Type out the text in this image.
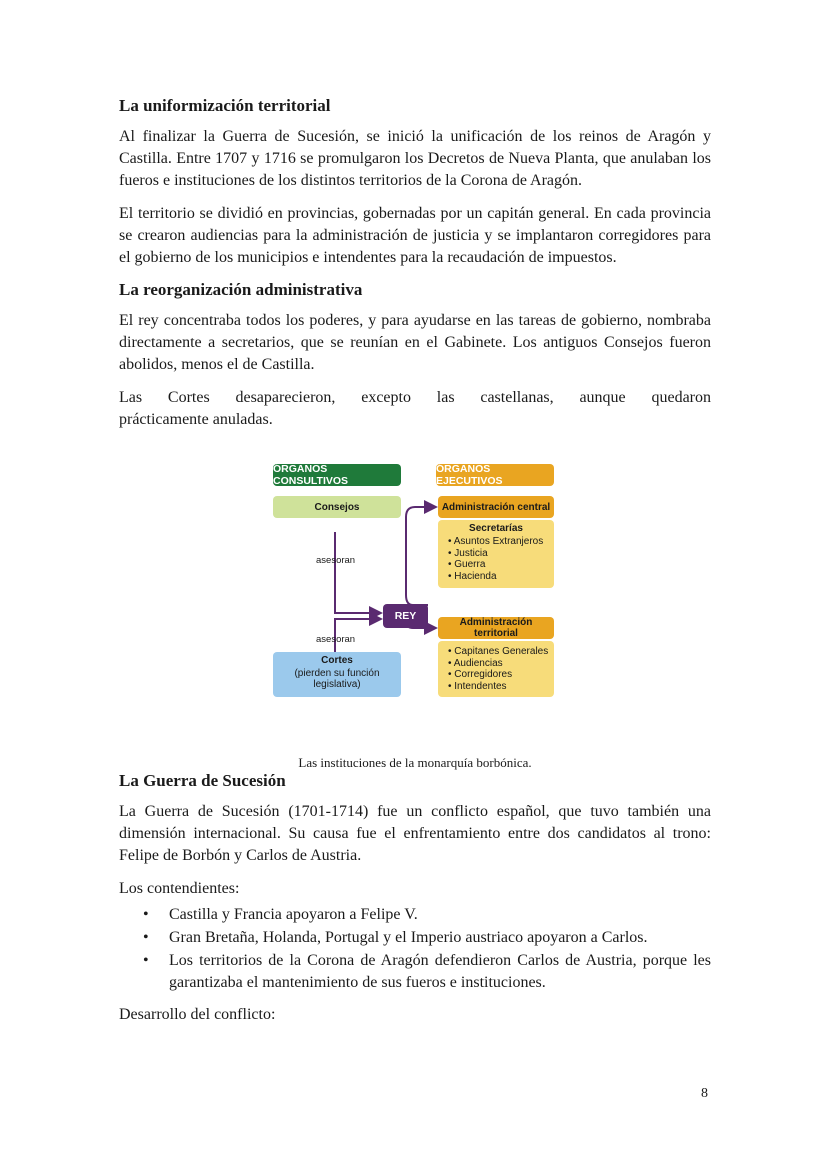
La uniformización territorial

Al finalizar la Guerra de Sucesión, se inició la unificación de los reinos de Aragón y Castilla. Entre 1707 y 1716 se promulgaron los Decretos de Nueva Planta, que anulaban los fueros e instituciones de los distintos territorios de la Corona de Aragón.

El territorio se dividió en provincias, gobernadas por un capitán general. En cada provincia se crearon audiencias para la administración de justicia y se implantaron corregidores para el gobierno de los municipios e intendentes para la recaudación de impuestos.

La reorganización administrativa

El rey concentraba todos los poderes, y para ayudarse en las tareas de gobierno, nombraba directamente a secretarios, que se reunían en el Gabinete. Los antiguos Consejos fueron abolidos, menos el de Castilla.

Las Cortes desaparecieron, excepto las castellanas, aunque quedaron

prácticamente anuladas.

ÓRGANOS CONSULTIVOS
ÓRGANOS EJECUTIVOS
Consejos
asesoran
REY
asesoran
Cortes
(pierden su función
legislativa)
Administración central
Secretarías
• Asuntos Extranjeros
• Justicia
• Guerra
• Hacienda
Administración territorial
• Capitanes Generales
• Audiencias
• Corregidores
• Intendentes
Las instituciones de la monarquía borbónica.
La Guerra de Sucesión

La Guerra de Sucesión (1701-1714) fue un conflicto español, que tuvo también una dimensión internacional. Su causa fue el enfrentamiento entre dos candidatos al trono: Felipe de Borbón y Carlos de Austria.

Los contendientes:

• Castilla y Francia apoyaron a Felipe V.
• Gran Bretaña, Holanda, Portugal y el Imperio austriaco apoyaron a Carlos.
• Los territorios de la Corona de Aragón defendieron Carlos de Austria, porque les garantizaba el mantenimiento de sus fueros e instituciones.

Desarrollo del conflicto:

8
